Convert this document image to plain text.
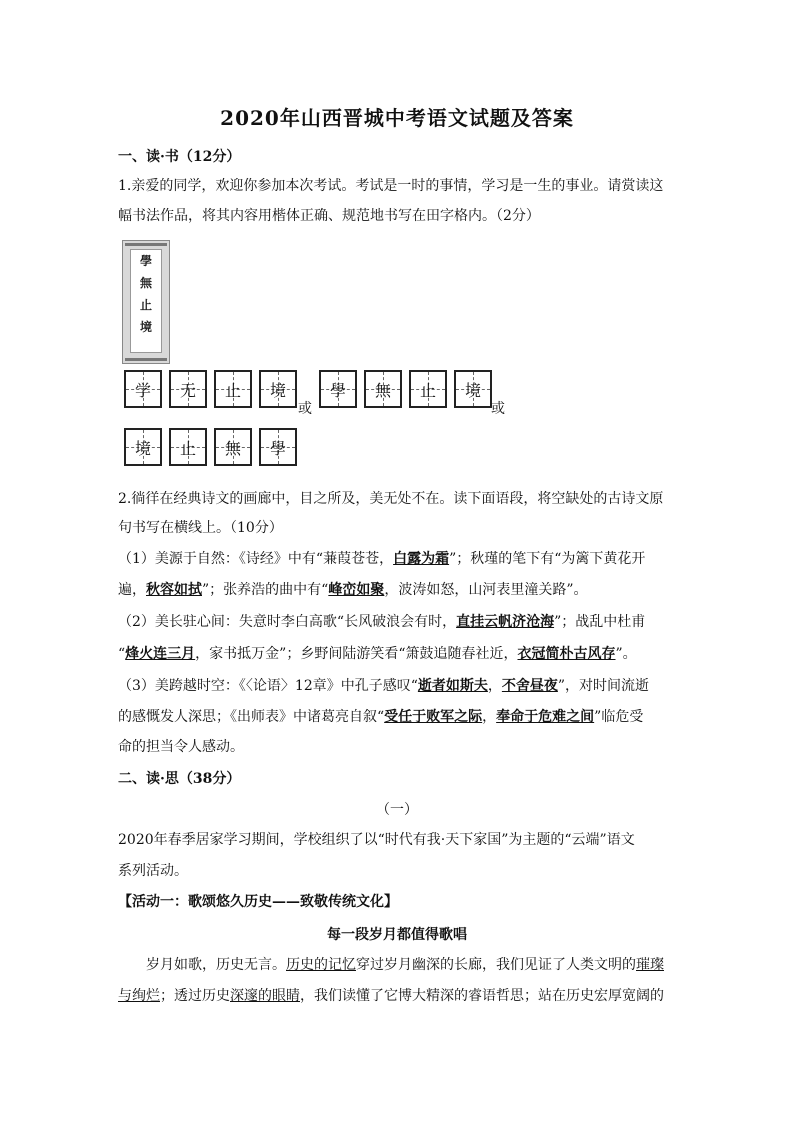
2020年山西晋城中考语文试题及答案
一、读·书（12分）
1.亲爱的同学，欢迎你参加本次考试。考试是一时的事情，学习是一生的事业。请赏读这
幅书法作品，将其内容用楷体正确、规范地书写在田字格内。（2分）
學
無
止
境
学	无	止	境
或
學	無	止	境
或
境	止	無	學
2.徜徉在经典诗文的画廊中，目之所及，美无处不在。读下面语段，将空缺处的古诗文原
句书写在横线上。（10分）
（1）美源于自然：《诗经》中有“蒹葭苍苍，白露为霜”；秋瑾的笔下有“为篱下黄花开
遍，秋容如拭”；张养浩的曲中有“峰峦如聚，波涛如怒，山河表里潼关路”。
（2）美长驻心间：失意时李白高歌“长风破浪会有时，直挂云帆济沧海”；战乱中杜甫
“烽火连三月，家书抵万金”；乡野间陆游笑看“箫鼓追随春社近，衣冠简朴古风存”。
（3）美跨越时空：《〈论语〉12章》中孔子感叹“逝者如斯夫，不舍昼夜”，对时间流逝
的感慨发人深思；《出师表》中诸葛亮自叙“受任于败军之际，奉命于危难之间”临危受
命的担当令人感动。
二、读·思（38分）
（一）
2020年春季居家学习期间，学校组织了以“时代有我·天下家国”为主题的“云端”语文
系列活动。
【活动一：歌颂悠久历史——致敬传统文化】
每一段岁月都值得歌唱
岁月如歌，历史无言。历史的记忆穿过岁月幽深的长廊，我们见证了人类文明的璀璨
与绚烂；透过历史深邃的眼睛，我们读懂了它博大精深的睿语哲思；站在历史宏厚宽阔的
